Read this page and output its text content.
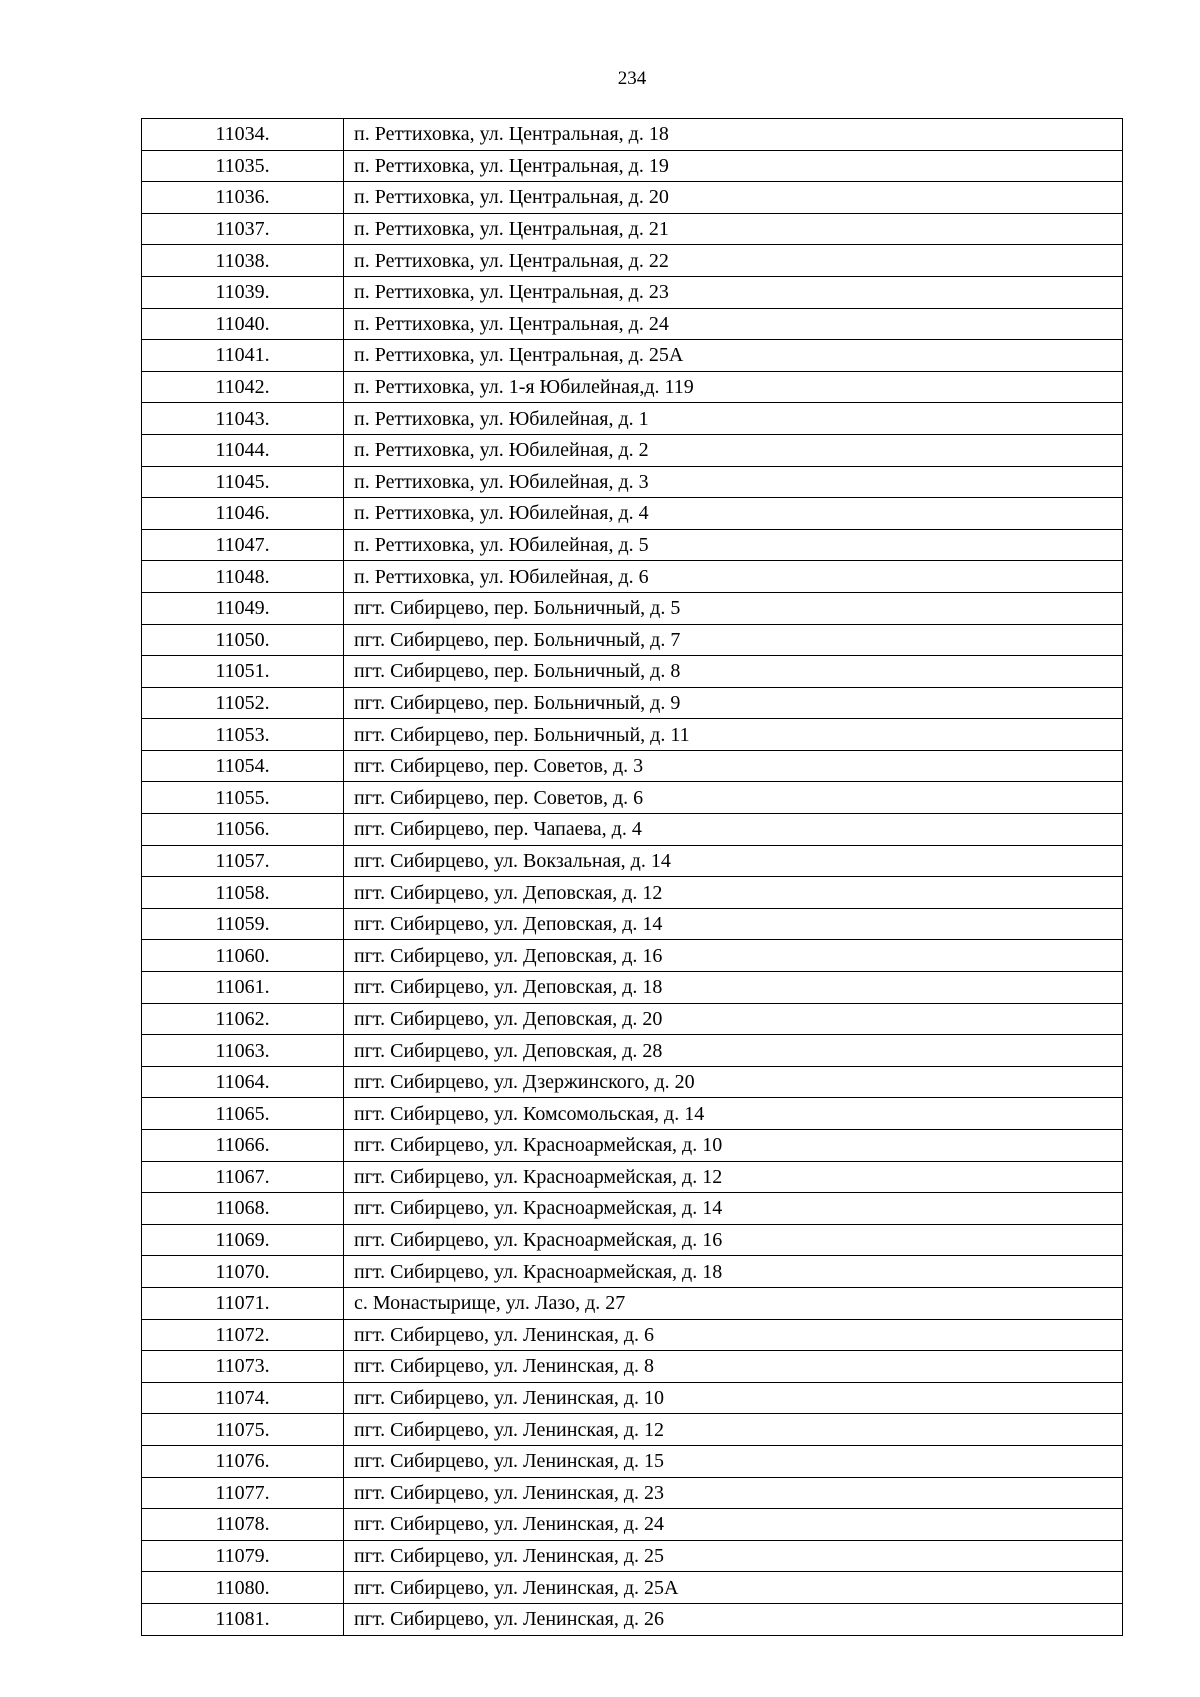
234
11034.	п. Реттиховка, ул. Центральная, д. 18
11035.	п. Реттиховка, ул. Центральная, д. 19
11036.	п. Реттиховка, ул. Центральная, д. 20
11037.	п. Реттиховка, ул. Центральная, д. 21
11038.	п. Реттиховка, ул. Центральная, д. 22
11039.	п. Реттиховка, ул. Центральная, д. 23
11040.	п. Реттиховка, ул. Центральная, д. 24
11041.	п. Реттиховка, ул. Центральная, д. 25А
11042.	п. Реттиховка, ул. 1-я Юбилейная,д. 119
11043.	п. Реттиховка, ул. Юбилейная, д. 1
11044.	п. Реттиховка, ул. Юбилейная, д. 2
11045.	п. Реттиховка, ул. Юбилейная, д. 3
11046.	п. Реттиховка, ул. Юбилейная, д. 4
11047.	п. Реттиховка, ул. Юбилейная, д. 5
11048.	п. Реттиховка, ул. Юбилейная, д. 6
11049.	пгт. Сибирцево, пер. Больничный, д. 5
11050.	пгт. Сибирцево, пер. Больничный, д. 7
11051.	пгт. Сибирцево, пер. Больничный, д. 8
11052.	пгт. Сибирцево, пер. Больничный, д. 9
11053.	пгт. Сибирцево, пер. Больничный, д. 11
11054.	пгт. Сибирцево, пер. Советов, д. 3
11055.	пгт. Сибирцево, пер. Советов, д. 6
11056.	пгт. Сибирцево, пер. Чапаева, д. 4
11057.	пгт. Сибирцево, ул. Вокзальная, д. 14
11058.	пгт. Сибирцево, ул. Деповская, д. 12
11059.	пгт. Сибирцево, ул. Деповская, д. 14
11060.	пгт. Сибирцево, ул. Деповская, д. 16
11061.	пгт. Сибирцево, ул. Деповская, д. 18
11062.	пгт. Сибирцево, ул. Деповская, д. 20
11063.	пгт. Сибирцево, ул. Деповская, д. 28
11064.	пгт. Сибирцево, ул. Дзержинского, д. 20
11065.	пгт. Сибирцево, ул. Комсомольская, д. 14
11066.	пгт. Сибирцево, ул. Красноармейская, д. 10
11067.	пгт. Сибирцево, ул. Красноармейская, д. 12
11068.	пгт. Сибирцево, ул. Красноармейская, д. 14
11069.	пгт. Сибирцево, ул. Красноармейская, д. 16
11070.	пгт. Сибирцево, ул. Красноармейская, д. 18
11071.	с. Монастырище, ул. Лазо, д. 27
11072.	пгт. Сибирцево, ул. Ленинская, д. 6
11073.	пгт. Сибирцево, ул. Ленинская, д. 8
11074.	пгт. Сибирцево, ул. Ленинская, д. 10
11075.	пгт. Сибирцево, ул. Ленинская, д. 12
11076.	пгт. Сибирцево, ул. Ленинская, д. 15
11077.	пгт. Сибирцево, ул. Ленинская, д. 23
11078.	пгт. Сибирцево, ул. Ленинская, д. 24
11079.	пгт. Сибирцево, ул. Ленинская, д. 25
11080.	пгт. Сибирцево, ул. Ленинская, д. 25А
11081.	пгт. Сибирцево, ул. Ленинская, д. 26
